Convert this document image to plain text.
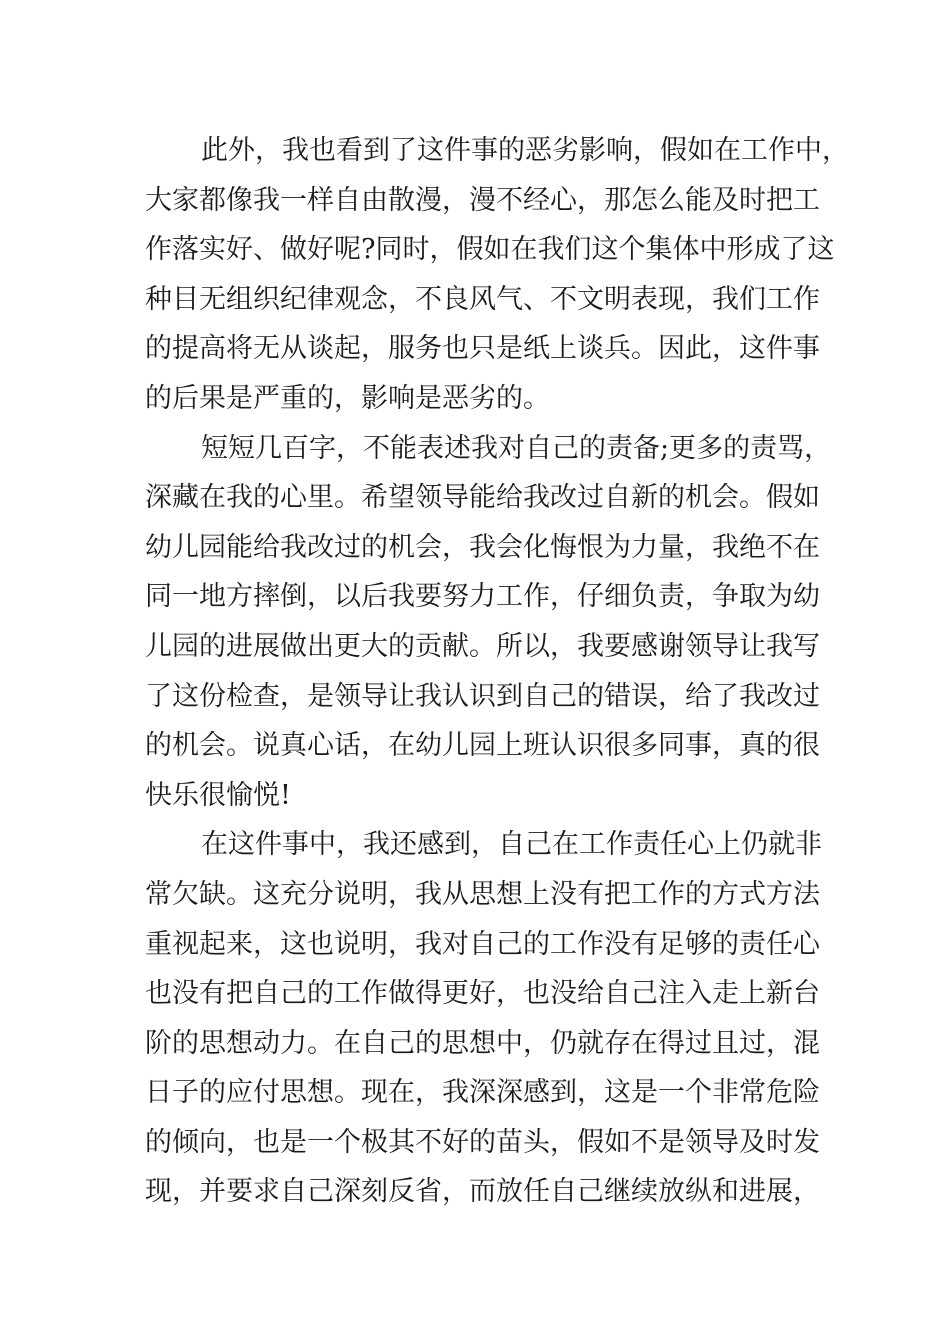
此外，我也看到了这件事的恶劣影响，假如在工作中，
大家都像我一样自由散漫，漫不经心，那怎么能及时把工
作落实好、做好呢?同时，假如在我们这个集体中形成了这
种目无组织纪律观念，不良风气、不文明表现，我们工作
的提高将无从谈起，服务也只是纸上谈兵。因此，这件事
的后果是严重的，影响是恶劣的。
短短几百字，不能表述我对自己的责备;更多的责骂，
深藏在我的心里。希望领导能给我改过自新的机会。假如
幼儿园能给我改过的机会，我会化悔恨为力量，我绝不在
同一地方摔倒，以后我要努力工作，仔细负责，争取为幼
儿园的进展做出更大的贡献。所以，我要感谢领导让我写
了这份检查，是领导让我认识到自己的错误，给了我改过
的机会。说真心话，在幼儿园上班认识很多同事，真的很
快乐很愉悦!
在这件事中，我还感到，自己在工作责任心上仍就非
常欠缺。这充分说明，我从思想上没有把工作的方式方法
重视起来，这也说明，我对自己的工作没有足够的责任心
也没有把自己的工作做得更好，也没给自己注入走上新台
阶的思想动力。在自己的思想中，仍就存在得过且过，混
日子的应付思想。现在，我深深感到，这是一个非常危险
的倾向，也是一个极其不好的苗头，假如不是领导及时发
现，并要求自己深刻反省，而放任自己继续放纵和进展，
